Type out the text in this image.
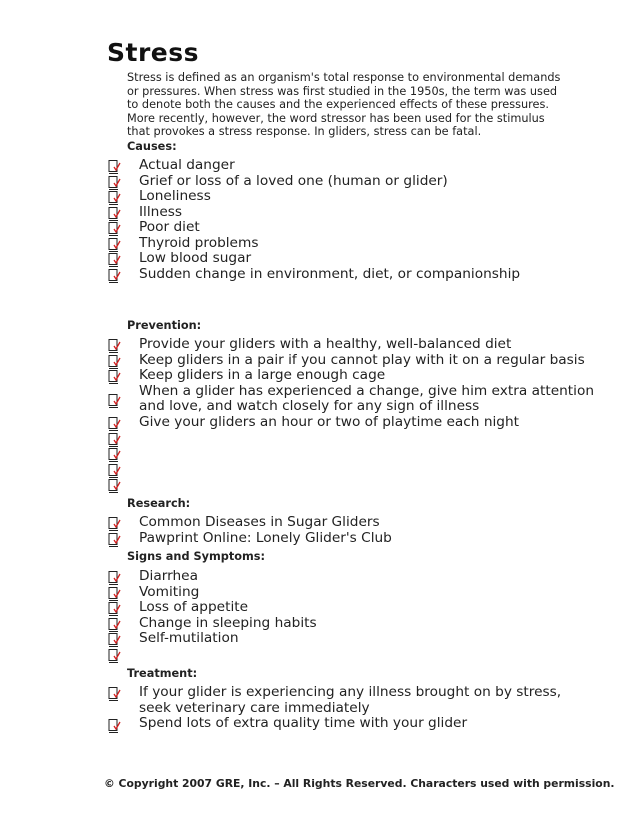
Stress

Stress is defined as an organism's total response to environmental demands or pressures. When stress was first studied in the 1950s, the term was used to denote both the causes and the experienced effects of these pressures. More recently, however, the word stressor has been used for the stimulus that provokes a stress response. In gliders, stress can be fatal.

Causes:
Actual danger
Grief or loss of a loved one (human or glider)
Loneliness
Illness
Poor diet
Thyroid problems
Low blood sugar
Sudden change in environment, diet, or companionship
Prevention:
Provide your gliders with a healthy, well-balanced diet
Keep gliders in a pair if you cannot play with it on a regular basis
Keep gliders in a large enough cage
When a glider has experienced a change, give him extra attention and love, and watch closely for any sign of illness
Give your gliders an hour or two of playtime each night
Research:
Common Diseases in Sugar Gliders
Pawprint Online: Lonely Glider's Club
Signs and Symptoms:
Diarrhea
Vomiting
Loss of appetite
Change in sleeping habits
Self-mutilation
Treatment:
If your glider is experiencing any illness brought on by stress, seek veterinary care immediately
Spend lots of extra quality time with your glider
© Copyright 2007 GRE, Inc. – All Rights Reserved. Characters used with permission.
